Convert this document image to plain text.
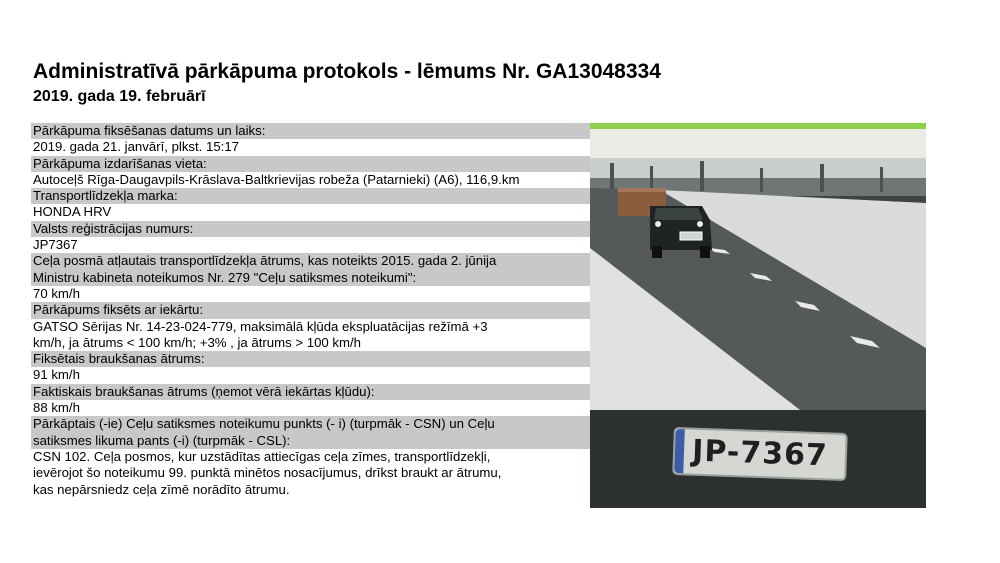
Administratīvā pārkāpuma protokols - lēmums Nr. GA13048334
2019. gada 19. februārī
Pārkāpuma fiksēšanas datums un laiks:
2019. gada 21. janvārī, plkst. 15:17
Pārkāpuma izdarīšanas vieta:
Autoceļš Rīga-Daugavpils-Krāslava-Baltkrievijas robeža (Patarnieki) (A6), 116,9.km
Transportlīdzekļa marka:
HONDA HRV
Valsts reģistrācijas numurs:
JP7367
Ceļa posmā atļautais transportlīdzekļa ātrums, kas noteikts 2015. gada 2. jūnija
Ministru kabineta noteikumos Nr. 279 "Ceļu satiksmes noteikumi":
70 km/h
Pārkāpums fiksēts ar iekārtu:
GATSO Sērijas Nr. 14-23-024-779, maksimālā kļūda ekspluatācijas režīmā +3
km/h, ja ātrums < 100 km/h; +3% , ja ātrums > 100 km/h
Fiksētais braukšanas ātrums:
91 km/h
Faktiskais braukšanas ātrums (ņemot vērā iekārtas kļūdu):
88 km/h
Pārkāptais (-ie) Ceļu satiksmes noteikumu punkts (- i) (turpmāk - CSN) un Ceļu
satiksmes likuma pants (-i) (turpmāk - CSL):
CSN 102. Ceļa posmos, kur uzstādītas attiecīgas ceļa zīmes, transportlīdzekļi,
ievērojot šo noteikumu 99. punktā minētos nosacījumus, drīkst braukt ar ātrumu,
kas nepārsniedz ceļa zīmē norādīto ātrumu.
JP-7367
